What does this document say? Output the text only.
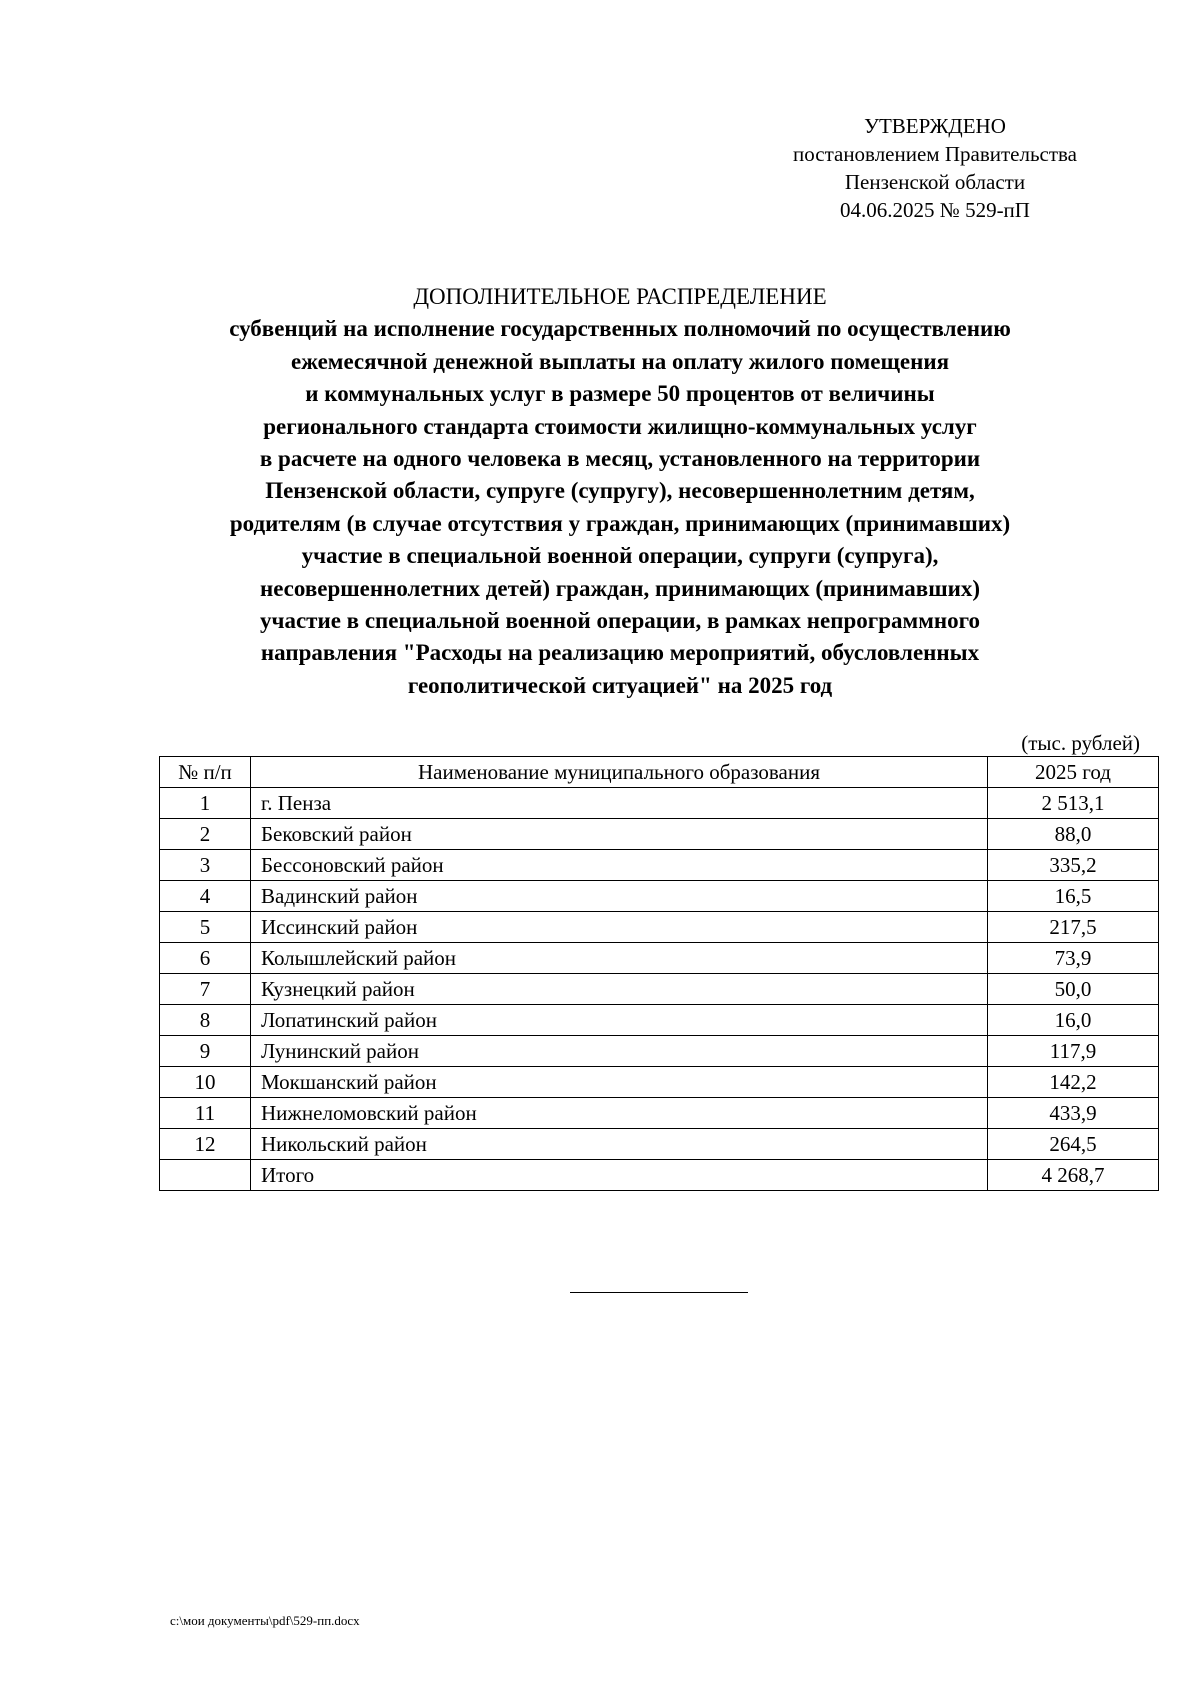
УТВЕРЖДЕНО
постановлением Правительства
Пензенской области
04.06.2025 № 529-пП
ДОПОЛНИТЕЛЬНОЕ РАСПРЕДЕЛЕНИЕ
субвенций на исполнение государственных полномочий по осуществлению
ежемесячной денежной выплаты на оплату жилого помещения
и коммунальных услуг в размере 50 процентов от величины
регионального стандарта стоимости жилищно-коммунальных услуг
в расчете на одного человека в месяц, установленного на территории
Пензенской области, супруге (супругу), несовершеннолетним детям,
родителям (в случае отсутствия у граждан, принимающих (принимавших)
участие в специальной военной операции, супруги (супруга),
несовершеннолетних детей) граждан, принимающих (принимавших)
участие в специальной военной операции, в рамках непрограммного
направления "Расходы на реализацию мероприятий, обусловленных
геополитической ситуацией" на 2025 год
(тыс. рублей)
№ п/п	Наименование муниципального образования	2025 год
1	г. Пенза	2 513,1
2	Бековский район	88,0
3	Бессоновский район	335,2
4	Вадинский район	16,5
5	Иссинский район	217,5
6	Колышлейский район	73,9
7	Кузнецкий район	50,0
8	Лопатинский район	16,0
9	Лунинский район	117,9
10	Мокшанский район	142,2
11	Нижнеломовский район	433,9
12	Никольский район	264,5
	Итого	4 268,7
c:\мои документы\pdf\529-пп.docx
